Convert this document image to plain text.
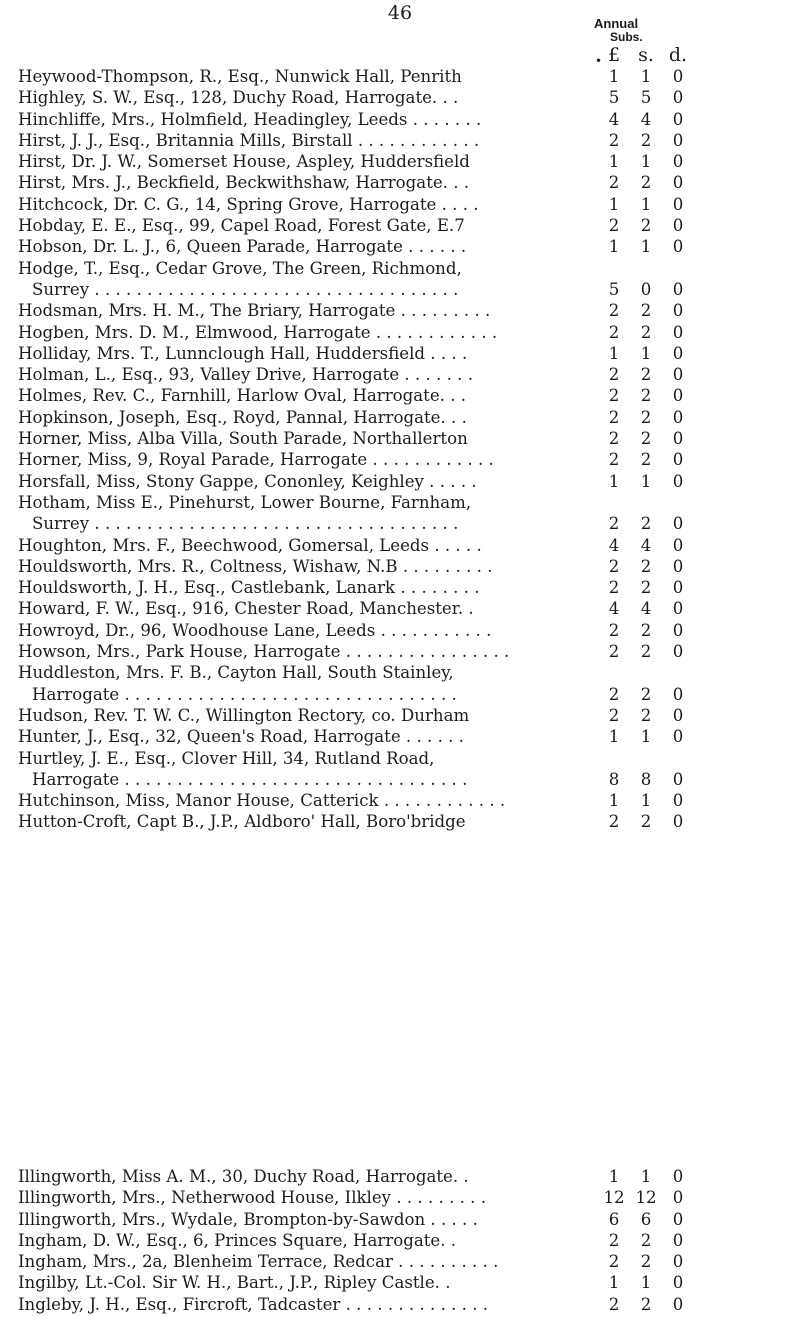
46	Annual
Subs.
• £ s. d.
Heywood-Thompson, R., Esq., Nunwick Hall, Penrith	1	1	0
Highley, S. W., Esq., 128, Duchy Road, Harrogate. . .	5	5	0
Hinchliffe, Mrs., Holmfield, Headingley, Leeds . . . . . . .	4	4	0
Hirst, J. J., Esq., Britannia Mills, Birstall . . . . . . . . . . . .	2	2	0
Hirst, Dr. J. W., Somerset House, Aspley, Huddersfield	1	1	0
Hirst, Mrs. J., Beckfield, Beckwithshaw, Harrogate. . .	2	2	0
Hitchcock, Dr. C. G., 14, Spring Grove, Harrogate . . . .	1	1	0
Hobday, E. E., Esq., 99, Capel Road, Forest Gate, E.7	2	2	0
Hobson, Dr. L. J., 6, Queen Parade, Harrogate . . . . . .	1	1	0
Hodge, T., Esq., Cedar Grove, The Green, Richmond,
Surrey . . . . . . . . . . . . . . . . . . . . . . . . . . . . . . . . . . .	5	0	0
Hodsman, Mrs. H. M., The Briary, Harrogate . . . . . . . . .	2	2	0
Hogben, Mrs. D. M., Elmwood, Harrogate . . . . . . . . . . . .	2	2	0
Holliday, Mrs. T., Lunnclough Hall, Huddersfield . . . .	1	1	0
Holman, L., Esq., 93, Valley Drive, Harrogate . . . . . . .	2	2	0
Holmes, Rev. C., Farnhill, Harlow Oval, Harrogate. . .	2	2	0
Hopkinson, Joseph, Esq., Royd, Pannal, Harrogate. . .	2	2	0
Horner, Miss, Alba Villa, South Parade, Northallerton	2	2	0
Horner, Miss, 9, Royal Parade, Harrogate . . . . . . . . . . . .	2	2	0
Horsfall, Miss, Stony Gappe, Cononley, Keighley . . . . .	1	1	0
Hotham, Miss E., Pinehurst, Lower Bourne, Farnham,
Surrey . . . . . . . . . . . . . . . . . . . . . . . . . . . . . . . . . . .	2	2	0
Houghton, Mrs. F., Beechwood, Gomersal, Leeds . . . . .	4	4	0
Houldsworth, Mrs. R., Coltness, Wishaw, N.B . . . . . . . . .	2	2	0
Houldsworth, J. H., Esq., Castlebank, Lanark . . . . . . . .	2	2	0
Howard, F. W., Esq., 916, Chester Road, Manchester. .	4	4	0
Howroyd, Dr., 96, Woodhouse Lane, Leeds . . . . . . . . . . .	2	2	0
Howson, Mrs., Park House, Harrogate . . . . . . . . . . . . . . . .	2	2	0
Huddleston, Mrs. F. B., Cayton Hall, South Stainley,
Harrogate . . . . . . . . . . . . . . . . . . . . . . . . . . . . . . . .	2	2	0
Hudson, Rev. T. W. C., Willington Rectory, co. Durham	2	2	0
Hunter, J., Esq., 32, Queen's Road, Harrogate . . . . . .	1	1	0
Hurtley, J. E., Esq., Clover Hill, 34, Rutland Road,
Harrogate . . . . . . . . . . . . . . . . . . . . . . . . . . . . . . . . .	8	8	0
Hutchinson, Miss, Manor House, Catterick . . . . . . . . . . . .	1	1	0
Hutton-Croft, Capt B., J.P., Aldboro' Hall, Boro'bridge	2	2	0
Illingworth, Miss A. M., 30, Duchy Road, Harrogate. .	1	1	0
Illingworth, Mrs., Netherwood House, Ilkley . . . . . . . . .	12 12 0
Illingworth, Mrs., Wydale, Brompton-by-Sawdon . . . . .	6	6	0
Ingham, D. W., Esq., 6, Princes Square, Harrogate. .	2	2	0
Ingham, Mrs., 2a, Blenheim Terrace, Redcar . . . . . . . . . .	2	2	0
Ingilby, Lt.-Col. Sir W. H., Bart., J.P., Ripley Castle. .	1	1	0
Ingleby, J. H., Esq., Fircroft, Tadcaster . . . . . . . . . . . . . .	2	2	0
